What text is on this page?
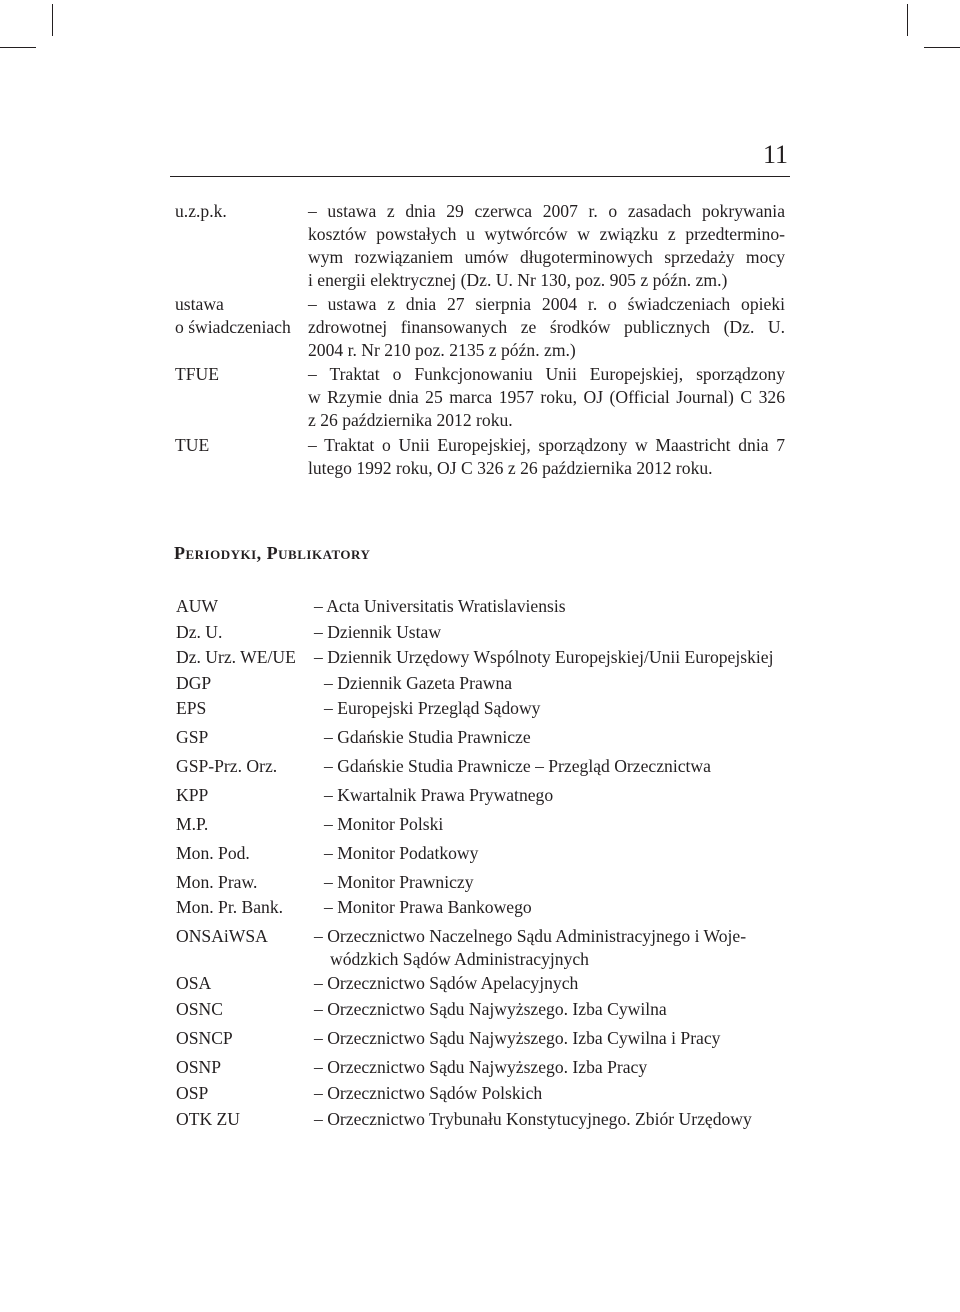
11
u.z.p.k.	– ustawa z dnia 29 czerwca 2007 r. o zasadach pokrywania
kosztów powstałych u wytwórców w związku z przedtermino-
wym rozwiązaniem umów długoterminowych sprzedaży mocy
i energii elektrycznej (Dz. U. Nr 130, poz. 905 z późn. zm.)
ustawa
o świadczeniach
– ustawa z dnia 27 sierpnia 2004 r. o świadczeniach opieki
zdrowotnej finansowanych ze środków publicznych (Dz. U.
2004 r. Nr 210 poz. 2135 z późn. zm.)
TFUE	– Traktat o Funkcjonowaniu Unii Europejskiej, sporządzony
w Rzymie dnia 25 marca 1957 roku, OJ (Official Journal) C 326
z 26 października 2012 roku.
TUE	– Traktat o Unii Europejskiej, sporządzony w Maastricht dnia 7
lutego 1992 roku, OJ C 326 z 26 października 2012 roku.
Periodyki, Publikatory
AUW	– Acta Universitatis Wratislaviensis
Dz. U.	– Dziennik Ustaw
Dz. Urz. WE/UE – Dziennik Urzędowy Wspólnoty Europejskiej/Unii Europejskiej
DGP	– Dziennik Gazeta Prawna
EPS	– Europejski Przegląd Sądowy
GSP	– Gdańskie Studia Prawnicze
GSP-Prz. Orz.	– Gdańskie Studia Prawnicze – Przegląd Orzecznictwa
KPP	– Kwartalnik Prawa Prywatnego
M.P.	– Monitor Polski
Mon. Pod.	– Monitor Podatkowy
Mon. Praw.	– Monitor Prawniczy
Mon. Pr. Bank. – Monitor Prawa Bankowego
ONSAiWSA	– Orzecznictwo Naczelnego Sądu Administracyjnego i Woje-
wódzkich Sądów Administracyjnych
OSA	– Orzecznictwo Sądów Apelacyjnych
OSNC	– Orzecznictwo Sądu Najwyższego. Izba Cywilna
OSNCP	– Orzecznictwo Sądu Najwyższego. Izba Cywilna i Pracy
OSNP	– Orzecznictwo Sądu Najwyższego. Izba Pracy
OSP	– Orzecznictwo Sądów Polskich
OTK ZU	– Orzecznictwo Trybunału Konstytucyjnego. Zbiór Urzędowy
